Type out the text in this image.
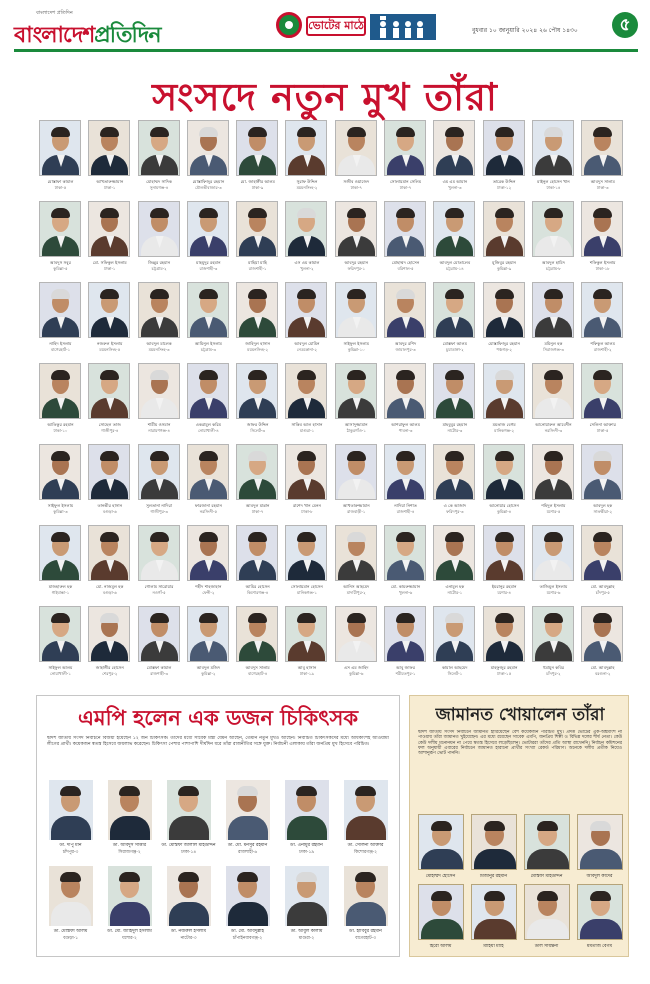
বাংলাদেশ প্রতিদিন
বাংলাদেশপ্রতিদিন	ভোটের মাঠে	বুধবার ১০ জানুয়ারি ২০২৪ ২৬ পৌষ ১৪৩০	৫
সংসদে নতুন মুখ তাঁরা
মোস্তাফা কামাল
ঢাকা-৫
আখতারুজ্জামান
ঢাকা-১
মোহাম্মদ সাদিক
সুনামগঞ্জ-৪
মোস্তাফিজুর রহমান
মৌলভীবাজার-৩
মো. জাহাঙ্গীর আলম
ঢাকা-৯
সুরাফ উদ্দিন
ময়মনসিংহ-২
সজীব ওয়াজেদ
ঢাকা-৭
সোলায়মান সেলিম
ঢাকা-৭
এম এম আমান
খুলনা-৩
তারেক উদ্দিন
ঢাকা-১২
মাইনুল হোসেন খান
ঢাকা-১৪
আবদুস সালাম
ঢাকা-৩
আবদুস সবুর
কুমিল্লা-৫
মো. সফিকুল ইসলাম
ঢাকা-১
জিল্লুর রহমান
চট্টগ্রাম-২
মাহমুদুর রহমান
রাজশাহী-৩
মাহিয়া মাহি
রাজশাহী-১
এস এম কামাল
খুলনা-২
আবদুর রহমান
ফরিদপুর-১
মোহাম্মদ হোসেন
বরিশাল-৫
আবদুল মোতালেব
চট্টগ্রাম-১৪
মুজিবুর রহমান
কুমিল্লা-৯
আবদুল হামিদ
চট্টগ্রাম-৮
শফিকুল ইসলাম
ঢাকা-১৮
নাহিদ ইসলাম
বাগেরহাট-১
নজরুল ইসলাম
ময়মনসিংহ-৫
আবদুল মালেক
ময়মনসিংহ-৩
আমিনুল ইসলাম
চট্টগ্রাম-৩
জাহিদুল হাসান
ময়মনসিংহ-২
আবদুল মোমিন
নেত্রকোনা-২
সাইফুল ইসলাম
কুমিল্লা-১০
আবদুর রশিদ
জামালপুর-৩
মোস্তফা আলম
চুয়াডাঙ্গা-২
মোস্তাফিজুর রহমান
পঞ্চগড়-২
মমিনুল হক
সিরাজগঞ্জ-৩
শফিকুল আলম
রাজশাহী-২
আতিকুর রহমান
ঢাকা-১০
সোহেল তাজ
গাজীপুর-৪
শামীম ওসমান
নারায়ণগঞ্জ-৪
একরামুল করিম
নোয়াখালী-৪
জাফর উদ্দিন
সিলেট-৩
সাকিব আল হাসান
মাগুরা-১
আসাদুজ্জামান
ঠাকুরগাঁও-১
আশরাফুল আলম
পাবনা-৩
মাহবুবুর রহমান
নাটোর-৩
মমতাজ বেগম
মানিকগঞ্জ-২
আনোয়ারুল আবেদীন
নরসিংদী-৩
সেলিনা আক্তার
ঢাকা-৫
সাইফুল ইসলাম
কুমিল্লা-৩
তানভীর হাসান
বগুড়া-৬
সুলতানা নাদিরা
গাজীপুর-৩
ফারজানা রহমান
নরসিংদী-৫
আবদুল মান্নান
ঢাকা-৭
রাশেদ খান মেনন
ঢাকা-৮
আখতারুজ্জামান
রাজবাড়ী-১
নাদিয়া নিশাত
রাজশাহী-৪
এ কে আজাদ
ফরিদপুর-৩
আনোয়ার হোসেন
কুমিল্লা-৪
শহিদুল ইসলাম
যশোর-৫
আবদুল হক
সাতক্ষীরা-২
মাজহারুল হক
গাইবান্ধা-১
মো. নাজমুল হক
বগুড়া-৬
গোলাম সারোয়ার
নওগাঁ-৫
শহীদ শাহজাহান
ফেনী-২
আমির হোসেন
কিশোরগঞ্জ-৪
সোলায়মান হোসেন
মানিকগঞ্জ-১
আনিস আহমেদ
মাদারীপুর-২
মো. কামরুজ্জামান
খুলনা-৬
এনামুল হক
নাটোর-১
ইমরানুর রহমান
যশোর-৪
তাজিমুল ইসলাম
যশোর-৬
মো. আবদুল্লাহ
চাঁদপুর-৫
সাইফুল আলম
নোয়াখালী-১
জাহাঙ্গীর হোসেন
শেরপুর-২
মোস্তফা কামাল
রাজশাহী-৩
আবদুল মজিদ
কুমিল্লা-২
আবদুস সালাম
বাগেরহাট-৪
আবু হাসান
ঢাকা-১৯
এস এম জাহিদ
কুমিল্লা-৬
আবু জাফর
শরীয়তপুর-১
কামাল আহমেদ
সিলেট-১
মাহফুজুর রহমান
ঢাকা-১৫
হুমায়ুন কবির
চাঁদপুর-২
মো. আবদুল্লাহ
বরগুনা-২
এমপি হলেন এক ডজন চিকিৎসক

দ্বাদশ জাতীয় সংসদ নির্বাচনে বিজয়ী হয়েছেন ১২ জন চিকিৎসক। তাঁদের মধ্যে সাবেক মন্ত্রী যেমন আছেন, তেমনি নতুন মুখও আছেন। নির্বাচিত চিকিৎসকদের মধ্যে অধিকাংশই আওয়ামী লীগের প্রার্থী। কয়েকজন স্বতন্ত্র হিসেবে জয়লাভ করেছেন। চিকিৎসা পেশার পাশাপাশি দীর্ঘদিন ধরে তাঁরা রাজনীতির সঙ্গে যুক্ত। নির্বাচনী এলাকায় তাঁরা জনপ্রিয় মুখ হিসেবে পরিচিত।

ডা. দীপু মনি
চাঁদপুর-৩
ডা. আবদুস সাত্তার
সিরাজগঞ্জ-২
ডা. মোস্তফা জালাল মহিউদ্দিন
ঢাকা-১৪
ডা. মো. মনসুর রহমান
রাজশাহী-৬
ডা. এনামুর রহমান
ঢাকা-১৯
ডা. সেলিনা আক্তার
কিশোরগঞ্জ-২
ডা. মোস্তফা আলম
বগুড়া-১
ডা. মো. জাহিদুল ইসলাম
যশোর-২
ডা. নজরুল ইসলাম
নাটোর-৩
ডা. মো. আবদুল্লাহ
চাঁপাইনবাবগঞ্জ-২
ডা. আবুল কালাম
মাগুরা-২
ডা. হাবিবুর রহমান
বাগেরহাট-৩
জামানত খোয়ালেন তাঁরা

দ্বাদশ জাতীয় সংসদ নির্বাচনে জামানত হারিয়েছেন বেশ কয়েকজন পরিচিত মুখ। প্রদত্ত ভোটের এক-অষ্টমাংশ না পাওয়ায় তাঁরা জামানত খুইয়েছেন। এর মধ্যে রয়েছেন সাবেক এমপি, জনপ্রিয় শিল্পী ও বিভিন্ন দলের শীর্ষ নেতা। কেউ কেউ দলীয় মনোনয়ন না পেয়ে স্বতন্ত্র হিসেবে লড়েছিলেন। ভোটাররা তাঁদের প্রতি আস্থা রাখেননি। নির্বাচন কমিশনের ফল অনুযায়ী এবারের নির্বাচনে জামানত হারানো প্রার্থীর সংখ্যা রেকর্ড পরিমাণ। অনেকে দলীয় প্রতীক নিয়েও আশানুরূপ ভোট পাননি।

মোহাম্মদ হোসেন	মিজানুর রহমান	মোস্তফা মহিউদ্দিন	আবদুল কাদের
হিরো আলম	মাহিয়া মাহি	ডলি সায়ন্তনী	মমতাজ বেগম
